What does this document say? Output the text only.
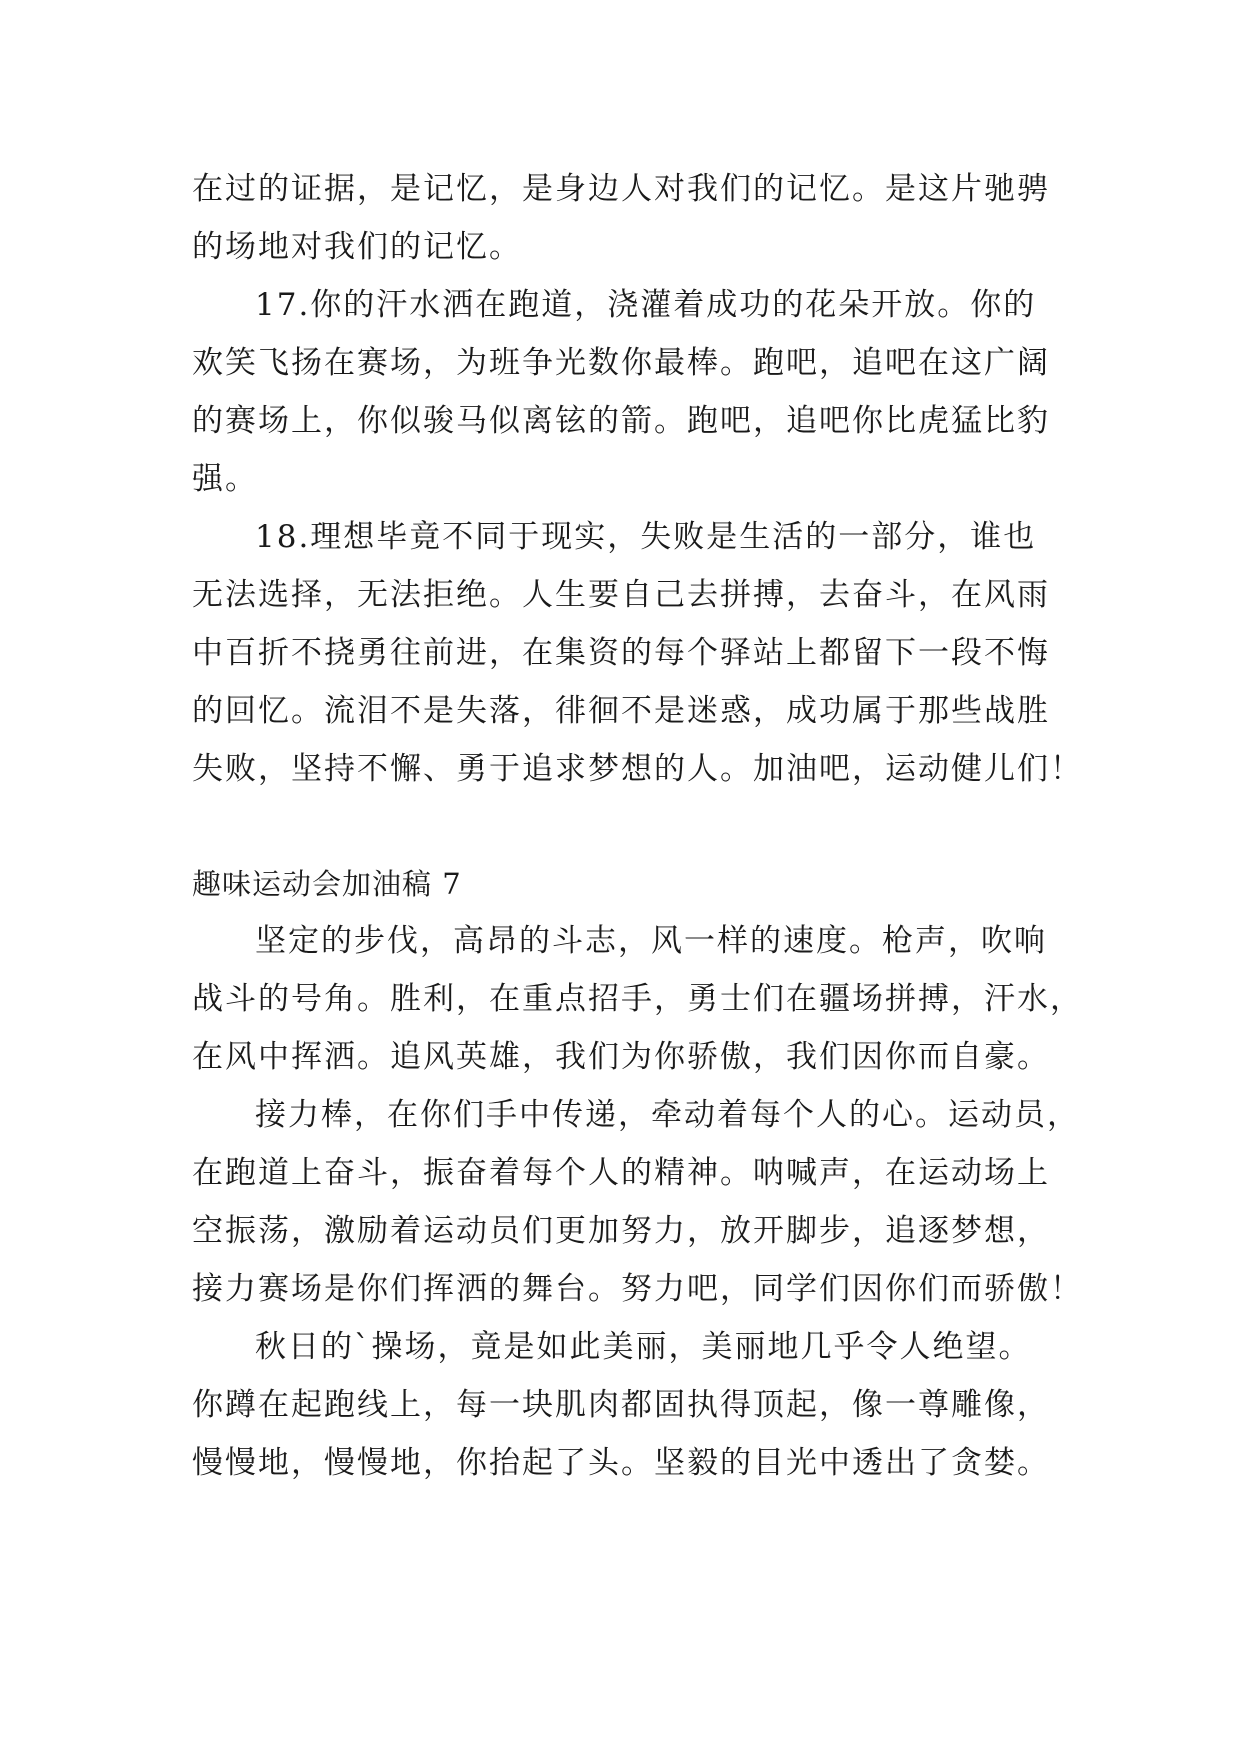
在过的证据，是记忆，是身边人对我们的记忆。是这片驰骋
的场地对我们的记忆。
17.你的汗水洒在跑道，浇灌着成功的花朵开放。你的
欢笑飞扬在赛场，为班争光数你最棒。跑吧，追吧在这广阔
的赛场上，你似骏马似离铉的箭。跑吧，追吧你比虎猛比豹
强。
18.理想毕竟不同于现实，失败是生活的一部分，谁也
无法选择，无法拒绝。人生要自己去拼搏，去奋斗，在风雨
中百折不挠勇往前进，在集资的每个驿站上都留下一段不悔
的回忆。流泪不是失落，徘徊不是迷惑，成功属于那些战胜
失败，坚持不懈、勇于追求梦想的人。加油吧，运动健儿们！
趣味运动会加油稿 7
坚定的步伐，高昂的斗志，风一样的速度。枪声，吹响
战斗的号角。胜利，在重点招手，勇士们在疆场拼搏，汗水，
在风中挥洒。追风英雄，我们为你骄傲，我们因你而自豪。
接力棒，在你们手中传递，牵动着每个人的心。运动员，
在跑道上奋斗，振奋着每个人的精神。呐喊声，在运动场上
空振荡，激励着运动员们更加努力，放开脚步，追逐梦想，
接力赛场是你们挥洒的舞台。努力吧，同学们因你们而骄傲！
秋日的`操场，竟是如此美丽，美丽地几乎令人绝望。
你蹲在起跑线上，每一块肌肉都固执得顶起，像一尊雕像，
慢慢地，慢慢地，你抬起了头。坚毅的目光中透出了贪婪。
